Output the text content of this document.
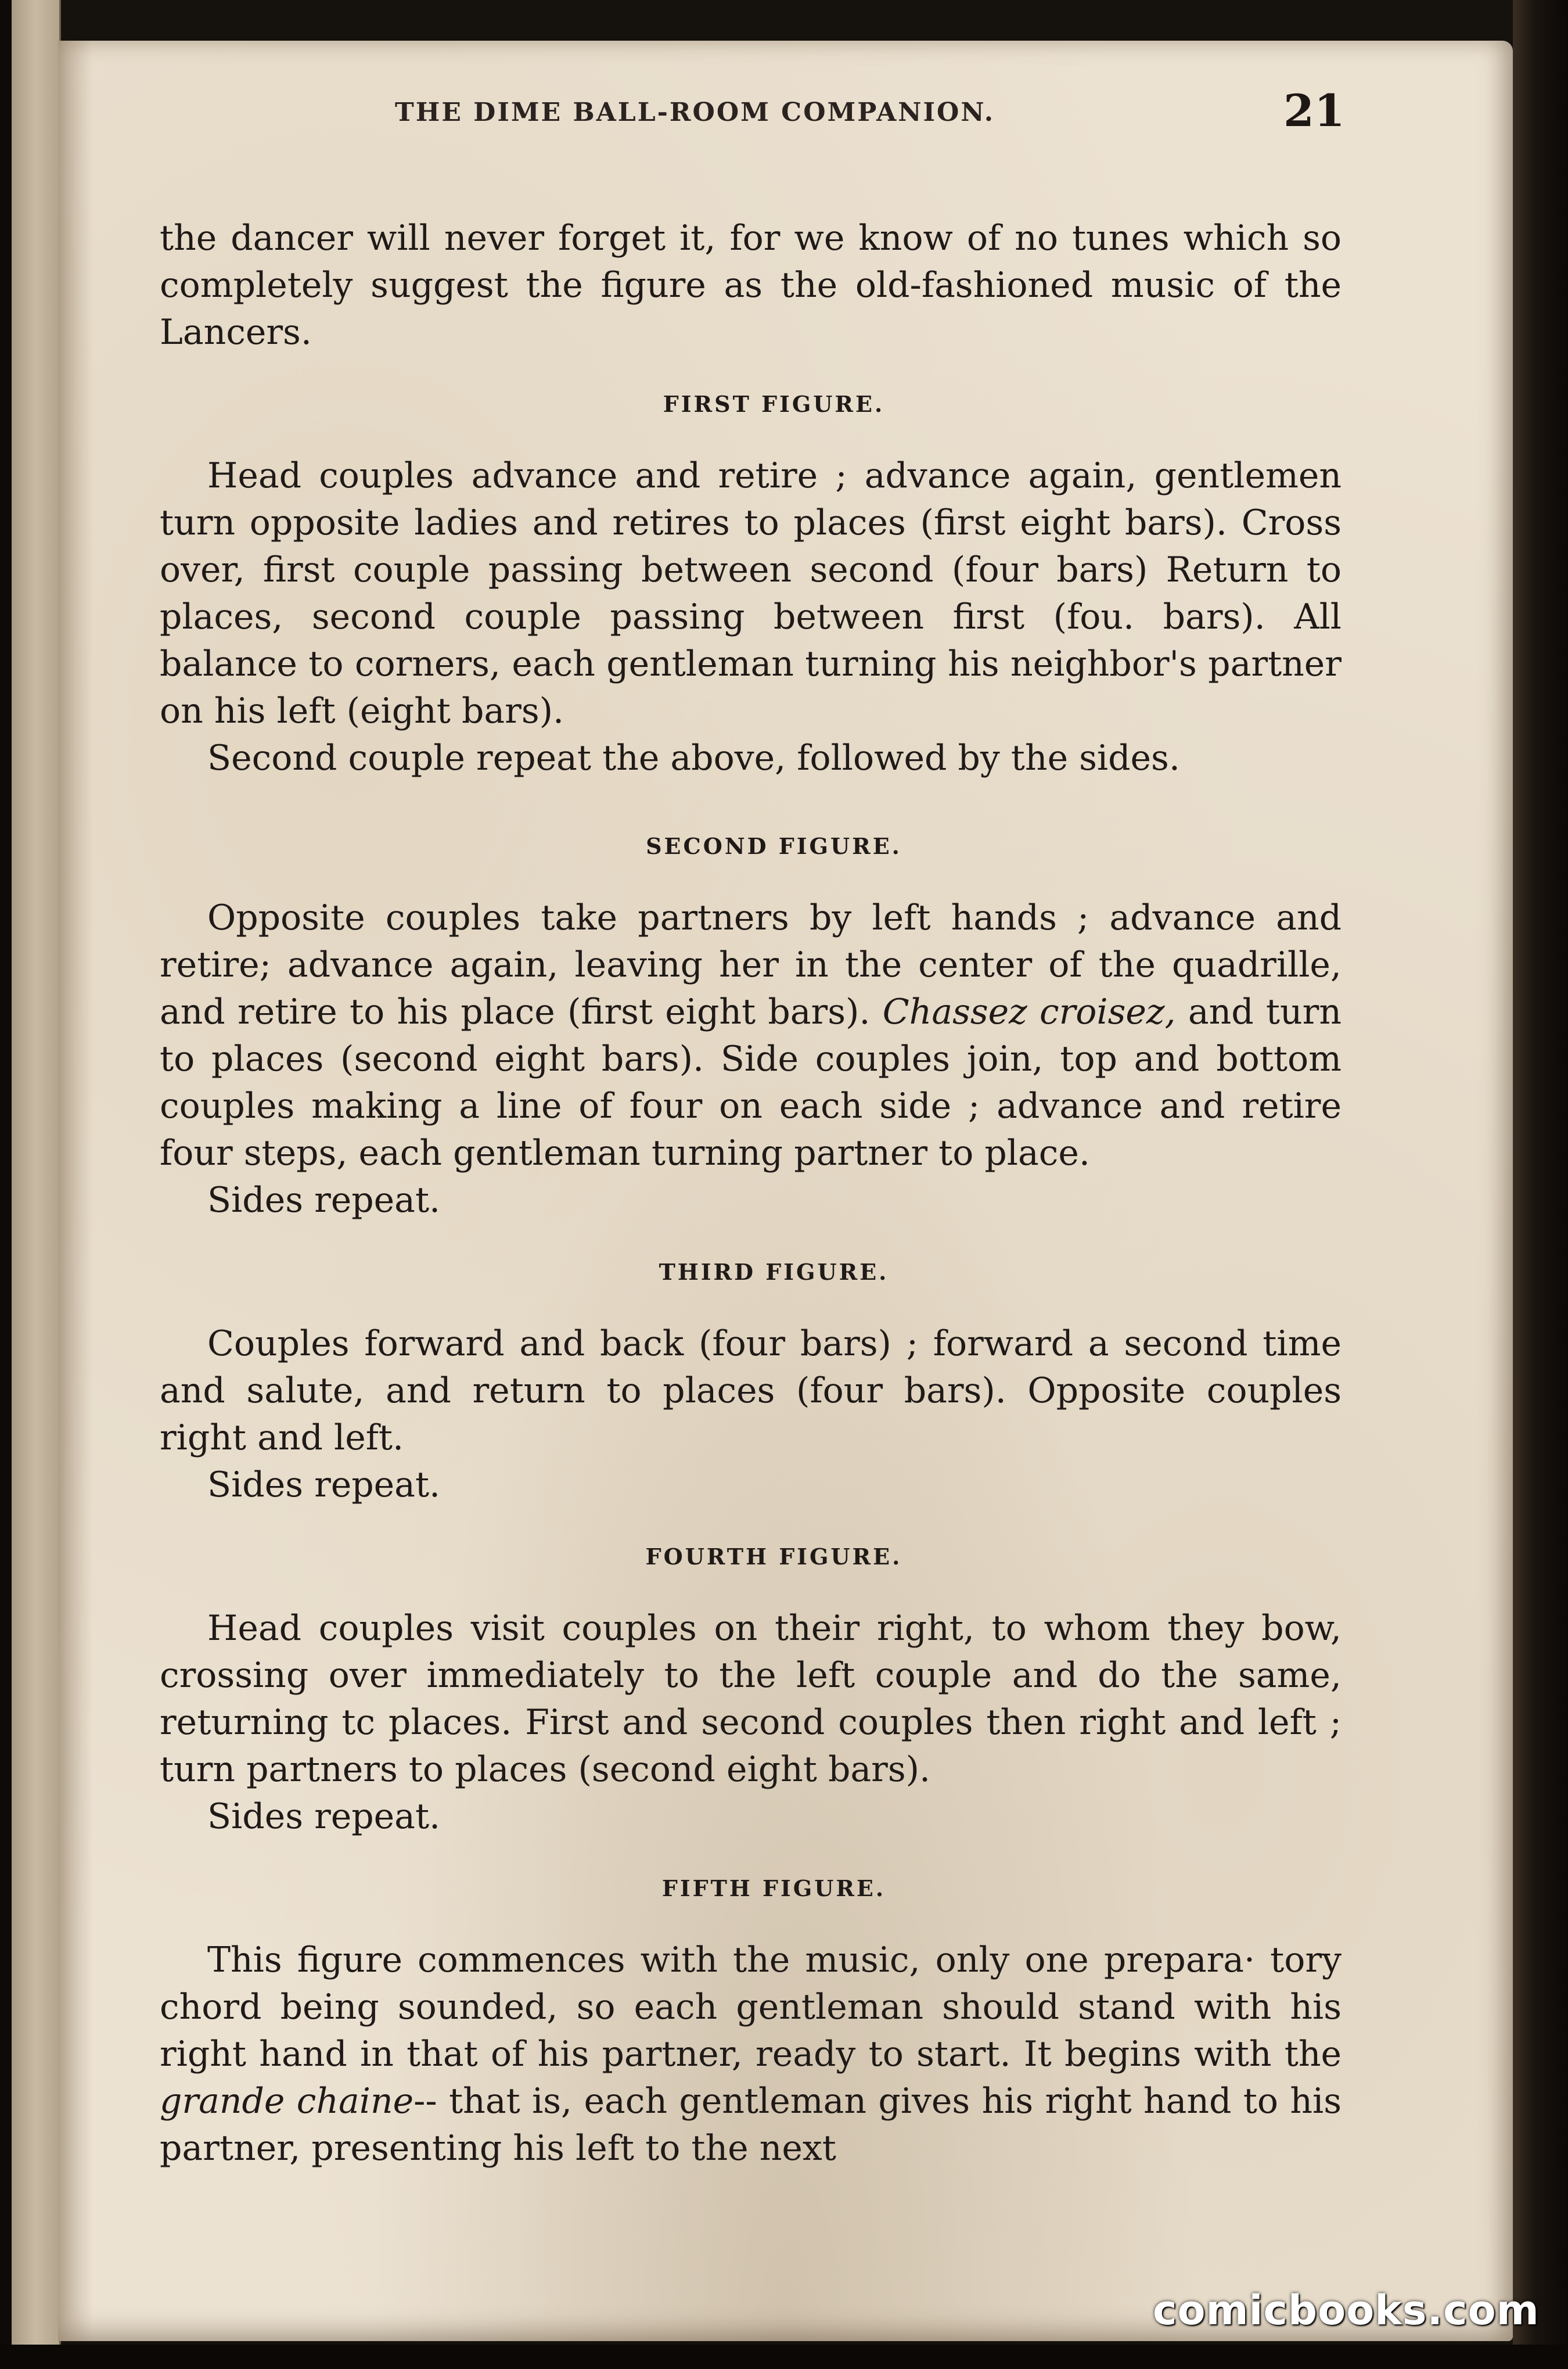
THE DIME BALL-ROOM COMPANION.	21

the dancer will never forget it, for we know of no tunes which so completely suggest the figure as the old-fashioned music of the Lancers.

FIRST FIGURE.

Head couples advance and retire ; advance again, gentlemen turn opposite ladies and retires to places (first eight bars). Cross over, first couple passing between second (four bars) Return to places, second couple passing between first (fou. bars). All balance to corners, each gentleman turning his neighbor's partner on his left (eight bars).

Second couple repeat the above, followed by the sides.

SECOND FIGURE.

Opposite couples take partners by left hands ; advance and retire; advance again, leaving her in the center of the quadrille, and retire to his place (first eight bars). Chassez croisez, and turn to places (second eight bars). Side couples join, top and bottom couples making a line of four on each side ; advance and retire four steps, each gentleman turning partner to place.

Sides repeat.

THIRD FIGURE.

Couples forward and back (four bars) ; forward a second time and salute, and return to places (four bars). Opposite couples right and left.

Sides repeat.

FOURTH FIGURE.

Head couples visit couples on their right, to whom they bow, crossing over immediately to the left couple and do the same, returning tc places. First and second couples then right and left ; turn partners to places (second eight bars).

Sides repeat.

FIFTH FIGURE.

This figure commences with the music, only one prepara· tory chord being sounded, so each gentleman should stand with his right hand in that of his partner, ready to start. It begins with the grande chaine-- that is, each gentleman gives his right hand to his partner, presenting his left to the next

comicbooks.com
